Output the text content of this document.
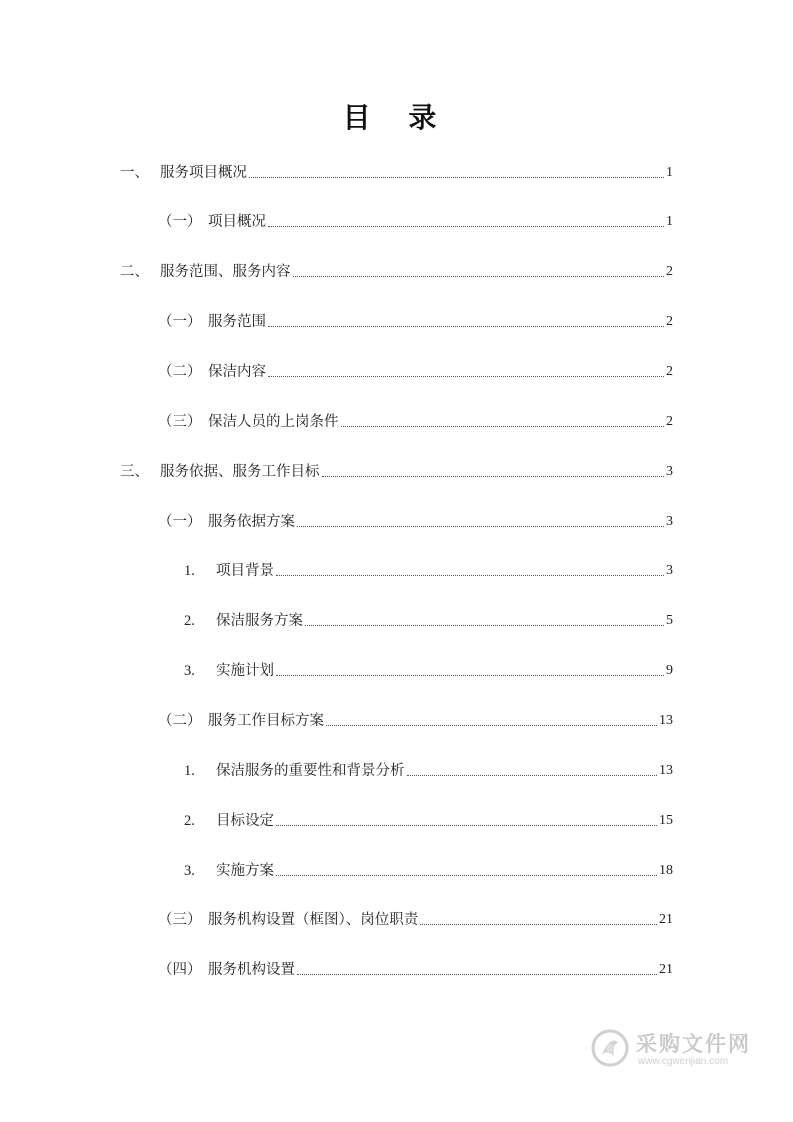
目 录
一、 服务项目概况	1
（一） 项目概况	1
二、 服务范围、服务内容	2
（一） 服务范围	2
（二） 保洁内容	2
（三） 保洁人员的上岗条件	2
三、 服务依据、服务工作目标	3
（一） 服务依据方案	3
1.	项目背景	3
2.	保洁服务方案	5
3.	实施计划	9
（二） 服务工作目标方案	13
1.	保洁服务的重要性和背景分析	13
2.	目标设定	15
3.	实施方案	18
（三） 服务机构设置（框图）、岗位职责	21
（四） 服务机构设置	21
采购文件网
www.cgwenjian.com
